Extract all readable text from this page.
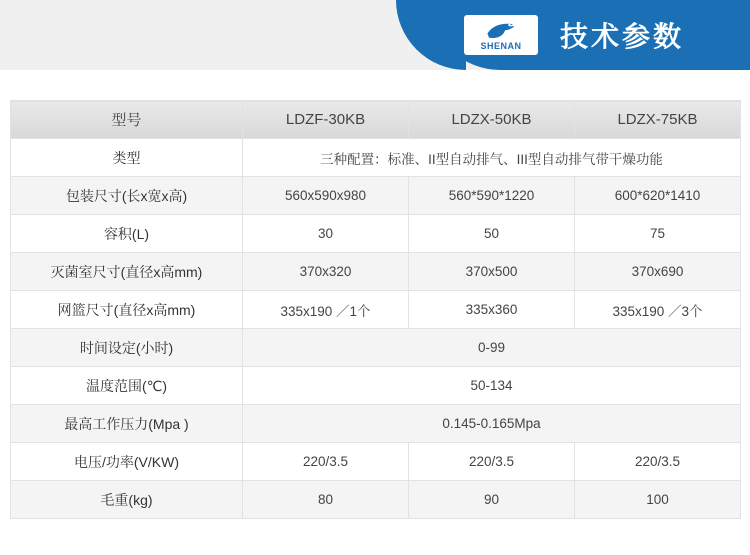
SHENAN 技术参数
型号	LDZF-30KB	LDZX-50KB	LDZX-75KB
类型	三种配置：标准、II型自动排气、III型自动排气带干燥功能		
包装尺寸(长x宽x高)	560x590x980	560*590*1220	600*620*1410
容积(L)	30	50	75
灭菌室尺寸(直径x高mm)	370x320	370x500	370x690
网篮尺寸(直径x高mm)	335x190 ／1个	335x360	335x190 ／3个
时间设定(小时)	0-99		
温度范围(℃)	50-134		
最高工作压力(Mpa )	0.145-0.165Mpa		
电压/功率(V/KW)	220/3.5	220/3.5	220/3.5
毛重(kg)	80	90	100
